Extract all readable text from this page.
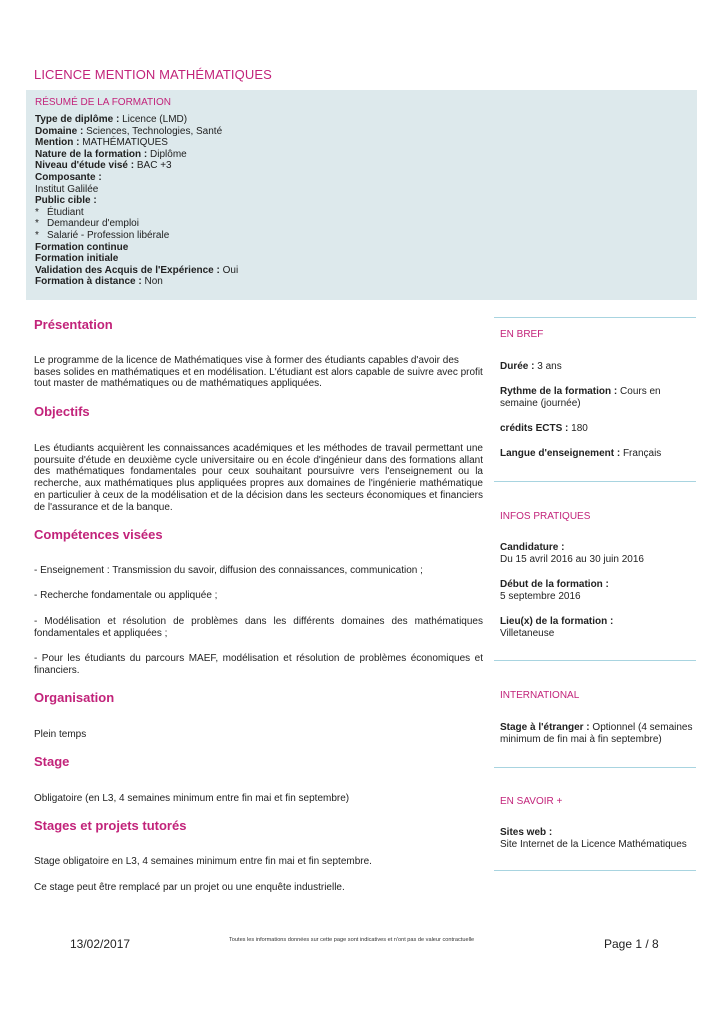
LICENCE MENTION MATHÉMATIQUES
RÉSUMÉ DE LA FORMATION
Type de diplôme : Licence (LMD)
Domaine : Sciences, Technologies, Santé
Mention : MATHÉMATIQUES
Nature de la formation : Diplôme
Niveau d'étude visé : BAC +3
Composante :
Institut Galilée
Public cible :
* Étudiant
* Demandeur d'emploi
* Salarié - Profession libérale
Formation continue
Formation initiale
Validation des Acquis de l'Expérience : Oui
Formation à distance : Non
Présentation
Le programme de la licence de Mathématiques vise à former des étudiants capables d'avoir des bases solides en mathématiques et en modélisation. L'étudiant est alors capable de suivre avec profit tout master de mathématiques ou de mathématiques appliquées.
Objectifs
Les étudiants acquièrent les connaissances académiques et les méthodes de travail permettant une poursuite d'étude en deuxième cycle universitaire ou en école d'ingénieur dans des formations allant des mathématiques fondamentales pour ceux souhaitant poursuivre vers l'enseignement ou la recherche, aux mathématiques plus appliquées propres aux domaines de l'ingénierie mathématique en particulier à ceux de la modélisation et de la décision dans les secteurs économiques et financiers de l'assurance et de la banque.
Compétences visées
- Enseignement : Transmission du savoir, diffusion des connaissances, communication ;
- Recherche fondamentale ou appliquée ;
- Modélisation et résolution de problèmes dans les différents domaines des mathématiques fondamentales et appliquées ;
- Pour les étudiants du parcours MAEF, modélisation et résolution de problèmes économiques et financiers.
Organisation
Plein temps
Stage
Obligatoire (en L3, 4 semaines minimum entre fin mai et fin septembre)
Stages et projets tutorés
Stage obligatoire en L3, 4 semaines minimum entre fin mai et fin septembre.
Ce stage peut être remplacé par un projet ou une enquête industrielle.
EN BREF
Durée : 3 ans
Rythme de la formation : Cours en semaine (journée)
crédits ECTS : 180
Langue d'enseignement : Français
INFOS PRATIQUES
Candidature :
Du 15 avril 2016 au 30 juin 2016
Début de la formation :
5 septembre 2016
Lieu(x) de la formation :
Villetaneuse
INTERNATIONAL
Stage à l'étranger : Optionnel (4 semaines minimum de fin mai à fin septembre)
EN SAVOIR +
Sites web :
Site Internet de la Licence Mathématiques
13/02/2017	Toutes les informations données sur cette page sont indicatives et n'ont pas de valeur contractuelle	Page 1 / 8
